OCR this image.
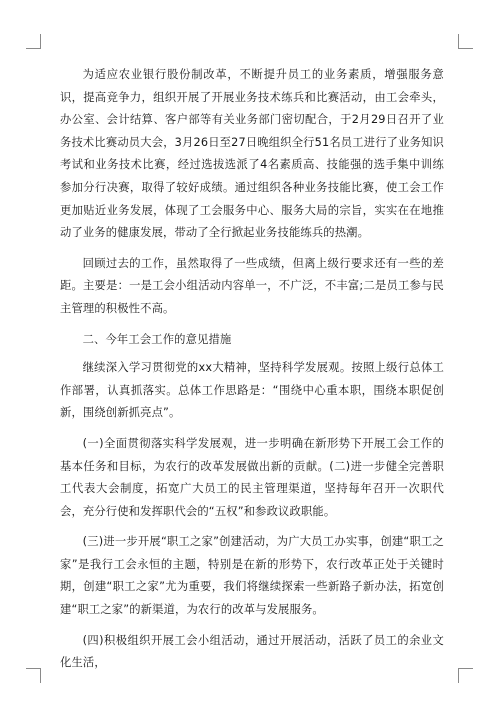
为适应农业银行股份制改革，不断提升员工的业务素质，增强服务意识，提高竞争力，组织开展了开展业务技术练兵和比赛活动，由工会牵头，办公室、会计结算、客户部等有关业务部门密切配合，于2月29日召开了业务技术比赛动员大会，3月26日至27日晚组织全行51名员工进行了业务知识考试和业务技术比赛，经过选拔选派了4名素质高、技能强的选手集中训练参加分行决赛，取得了较好成绩。通过组织各种业务技能比赛，使工会工作更加贴近业务发展，体现了工会服务中心、服务大局的宗旨，实实在在地推动了业务的健康发展，带动了全行掀起业务技能练兵的热潮。

回顾过去的工作，虽然取得了一些成绩，但离上级行要求还有一些的差距。主要是：一是工会小组活动内容单一，不广泛，不丰富;二是员工参与民主管理的积极性不高。

二、今年工会工作的意见措施

继续深入学习贯彻党的xx大精神，坚持科学发展观。按照上级行总体工作部署，认真抓落实。总体工作思路是：“围绕中心重本职，围绕本职促创新，围绕创新抓亮点”。

(一)全面贯彻落实科学发展观，进一步明确在新形势下开展工会工作的基本任务和目标，为农行的改革发展做出新的贡献。(二)进一步健全完善职工代表大会制度，拓宽广大员工的民主管理渠道，坚持每年召开一次职代会，充分行使和发挥职代会的“五权”和参政议政职能。

(三)进一步开展“职工之家”创建活动，为广大员工办实事，创建“职工之家”是我行工会永恒的主题，特别是在新的形势下，农行改革正处于关键时期，创建“职工之家”尤为重要，我们将继续探索一些新路子新办法，拓宽创建“职工之家”的新渠道，为农行的改革与发展服务。

(四)积极组织开展工会小组活动，通过开展活动，活跃了员工的余业文化生活，
